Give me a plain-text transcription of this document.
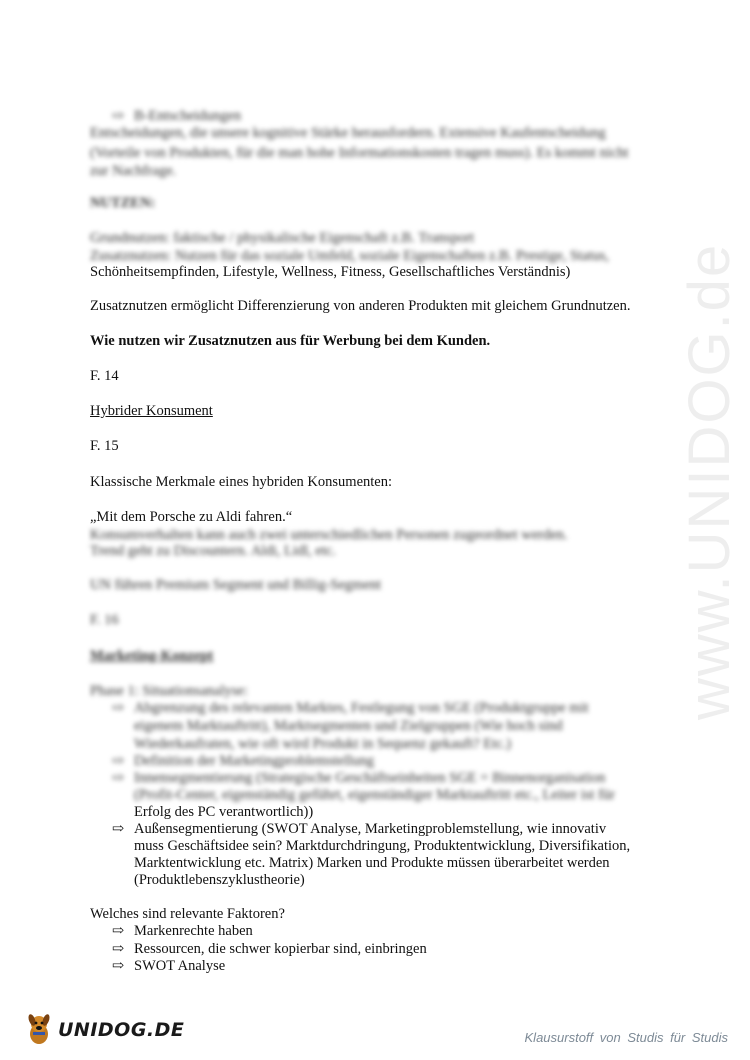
www.UNIDOG.de
⇨ B-Entscheidungen
Entscheidungen, die unsere kognitive Stärke herausfordern. Extensive Kaufentscheidung
(Vorteile von Produkten, für die man hohe Informationskosten tragen muss). Es kommt nicht
zur Nachfrage.
NUTZEN:
Grundnutzen: faktische / physikalische Eigenschaft z.B. Transport
Zusatznutzen: Nutzen für das soziale Umfeld, soziale Eigenschaften z.B. Prestige, Status,
Schönheitsempfinden, Lifestyle, Wellness, Fitness, Gesellschaftliches Verständnis)
Zusatznutzen ermöglicht Differenzierung von anderen Produkten mit gleichem Grundnutzen.
Wie nutzen wir Zusatznutzen aus für Werbung bei dem Kunden.
F. 14
Hybrider Konsument
F. 15
Klassische Merkmale eines hybriden Konsumenten:
„Mit dem Porsche zu Aldi fahren.“
Konsumverhalten kann auch zwei unterschiedlichen Personen zugeordnet werden.
Trend geht zu Discountern. Aldi, Lidl, etc.
UN führen Premium Segment und Billig-Segment
F. 16
Marketing-Konzept
Phase 1: Situationsanalyse:
⇨ Abgrenzung des relevanten Marktes, Festlegung von SGE (Produktgruppe mit
eigenem Marktauftritt), Marktsegmenten und Zielgruppen (Wie hoch sind
Wiederkaufraten, wie oft wird Produkt in Sequenz gekauft? Etc.)
⇨ Definition der Marketingproblemstellung
⇨ Innensegmentierung (Strategische Geschäftseinheiten SGE = Binnenorganisation
(Profit-Center, eigenständig geführt, eigenständiger Marktauftritt etc., Leiter ist für
Erfolg des PC verantwortlich))
⇨ Außensegmentierung (SWOT Analyse, Marketingproblemstellung, wie innovativ
muss Geschäftsidee sein? Marktdurchdringung, Produktentwicklung, Diversifikation,
Marktentwicklung etc. Matrix) Marken und Produkte müssen überarbeitet werden
(Produktlebenszyklustheorie)
Welches sind relevante Faktoren?
⇨ Markenrechte haben
⇨ Ressourcen, die schwer kopierbar sind, einbringen
⇨ SWOT Analyse
UNIDOG.DE	Klausurstoff von Studis für Studis
